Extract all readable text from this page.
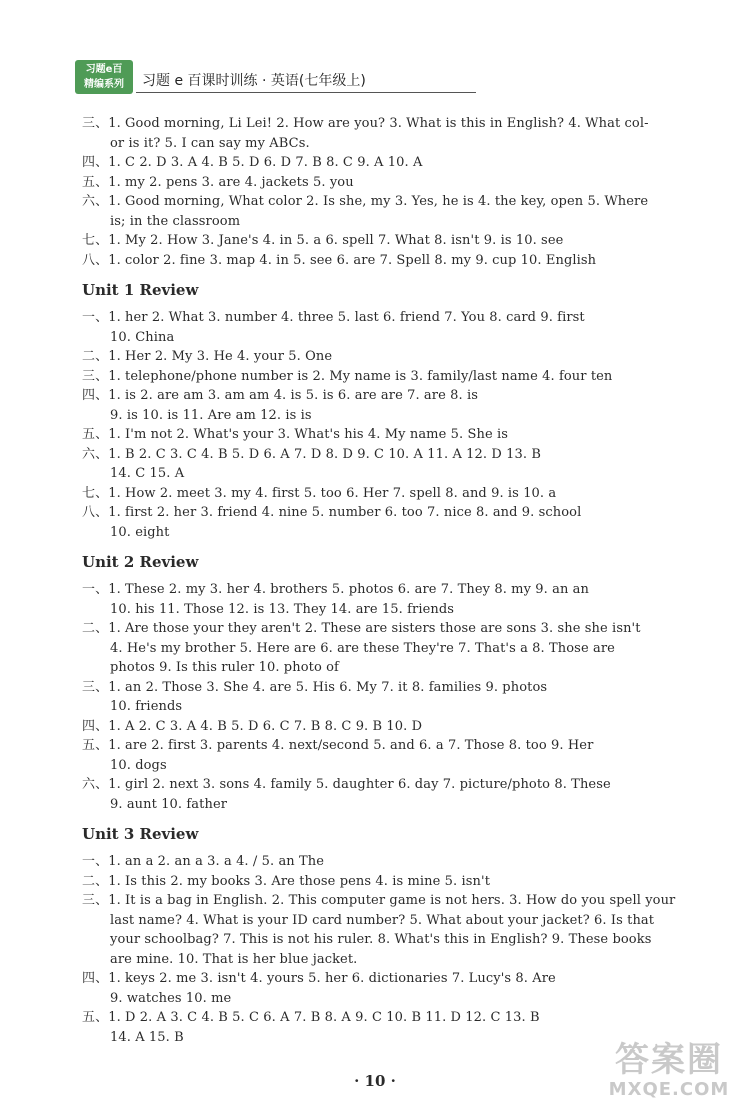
习题e百
精编系列	习题 e 百课时训练 · 英语(七年级上)
三、1. Good morning, Li Lei! 2. How are you? 3. What is this in English? 4. What col-
or is it? 5. I can say my ABCs.
四、1. C 2. D 3. A 4. B 5. D 6. D 7. B 8. C 9. A 10. A
五、1. my 2. pens 3. are 4. jackets 5. you
六、1. Good morning, What color 2. Is she, my 3. Yes, he is 4. the key, open 5. Where
is; in the classroom
七、1. My 2. How 3. Jane's 4. in 5. a 6. spell 7. What 8. isn't 9. is 10. see
八、1. color 2. fine 3. map 4. in 5. see 6. are 7. Spell 8. my 9. cup 10. English
Unit 1 Review
一、1. her 2. What 3. number 4. three 5. last 6. friend 7. You 8. card 9. first
10. China
二、1. Her 2. My 3. He 4. your 5. One
三、1. telephone/phone number is 2. My name is 3. family/last name 4. four ten
四、1. is 2. are am 3. am am 4. is 5. is 6. are are 7. are 8. is
9. is 10. is 11. Are am 12. is is
五、1. I'm not 2. What's your 3. What's his 4. My name 5. She is
六、1. B 2. C 3. C 4. B 5. D 6. A 7. D 8. D 9. C 10. A 11. A 12. D 13. B
14. C 15. A
七、1. How 2. meet 3. my 4. first 5. too 6. Her 7. spell 8. and 9. is 10. a
八、1. first 2. her 3. friend 4. nine 5. number 6. too 7. nice 8. and 9. school
10. eight
Unit 2 Review
一、1. These 2. my 3. her 4. brothers 5. photos 6. are 7. They 8. my 9. an an
10. his 11. Those 12. is 13. They 14. are 15. friends
二、1. Are those your they aren't 2. These are sisters those are sons 3. she she isn't
4. He's my brother 5. Here are 6. are these They're 7. That's a 8. Those are
photos 9. Is this ruler 10. photo of
三、1. an 2. Those 3. She 4. are 5. His 6. My 7. it 8. families 9. photos
10. friends
四、1. A 2. C 3. A 4. B 5. D 6. C 7. B 8. C 9. B 10. D
五、1. are 2. first 3. parents 4. next/second 5. and 6. a 7. Those 8. too 9. Her
10. dogs
六、1. girl 2. next 3. sons 4. family 5. daughter 6. day 7. picture/photo 8. These
9. aunt 10. father
Unit 3 Review
一、1. an a 2. an a 3. a 4. / 5. an The
二、1. Is this 2. my books 3. Are those pens 4. is mine 5. isn't
三、1. It is a bag in English. 2. This computer game is not hers. 3. How do you spell your
last name? 4. What is your ID card number? 5. What about your jacket? 6. Is that
your schoolbag? 7. This is not his ruler. 8. What's this in English? 9. These books
are mine. 10. That is her blue jacket.
四、1. keys 2. me 3. isn't 4. yours 5. her 6. dictionaries 7. Lucy's 8. Are
9. watches 10. me
五、1. D 2. A 3. C 4. B 5. C 6. A 7. B 8. A 9. C 10. B 11. D 12. C 13. B
14. A 15. B
· 10 ·
答案圈
MXQE.COM
